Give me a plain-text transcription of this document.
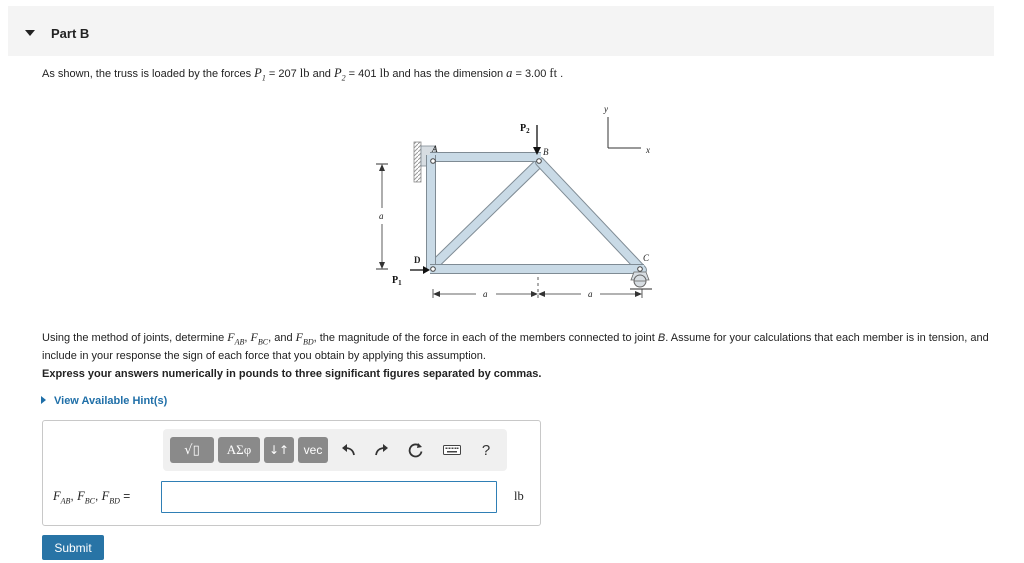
Part B
As shown, the truss is loaded by the forces $P_1 = 207$ lb and $P_2 = 401$ lb and has the dimension a = 3.00 ft .
A	B
C
D
a
a	a
x
y
$P_2$
$P_1$
Using the method of joints, determine $F_{AB}$, $F_{BC}$, and $F_{BD}$, the magnitude of the force in each of the members connected to joint B. Assume for your calculations that each member is in tension, and include in your response the sign of each force that you obtain by applying this assumption.
Express your answers numerically in pounds to three significant figures separated by commas.
View Available Hint(s)
√▯ ΑΣφ ↓↑ vec	?
$F_{AB}$, $F_{BC}$, $F_{BD}$ =	lb
Submit
